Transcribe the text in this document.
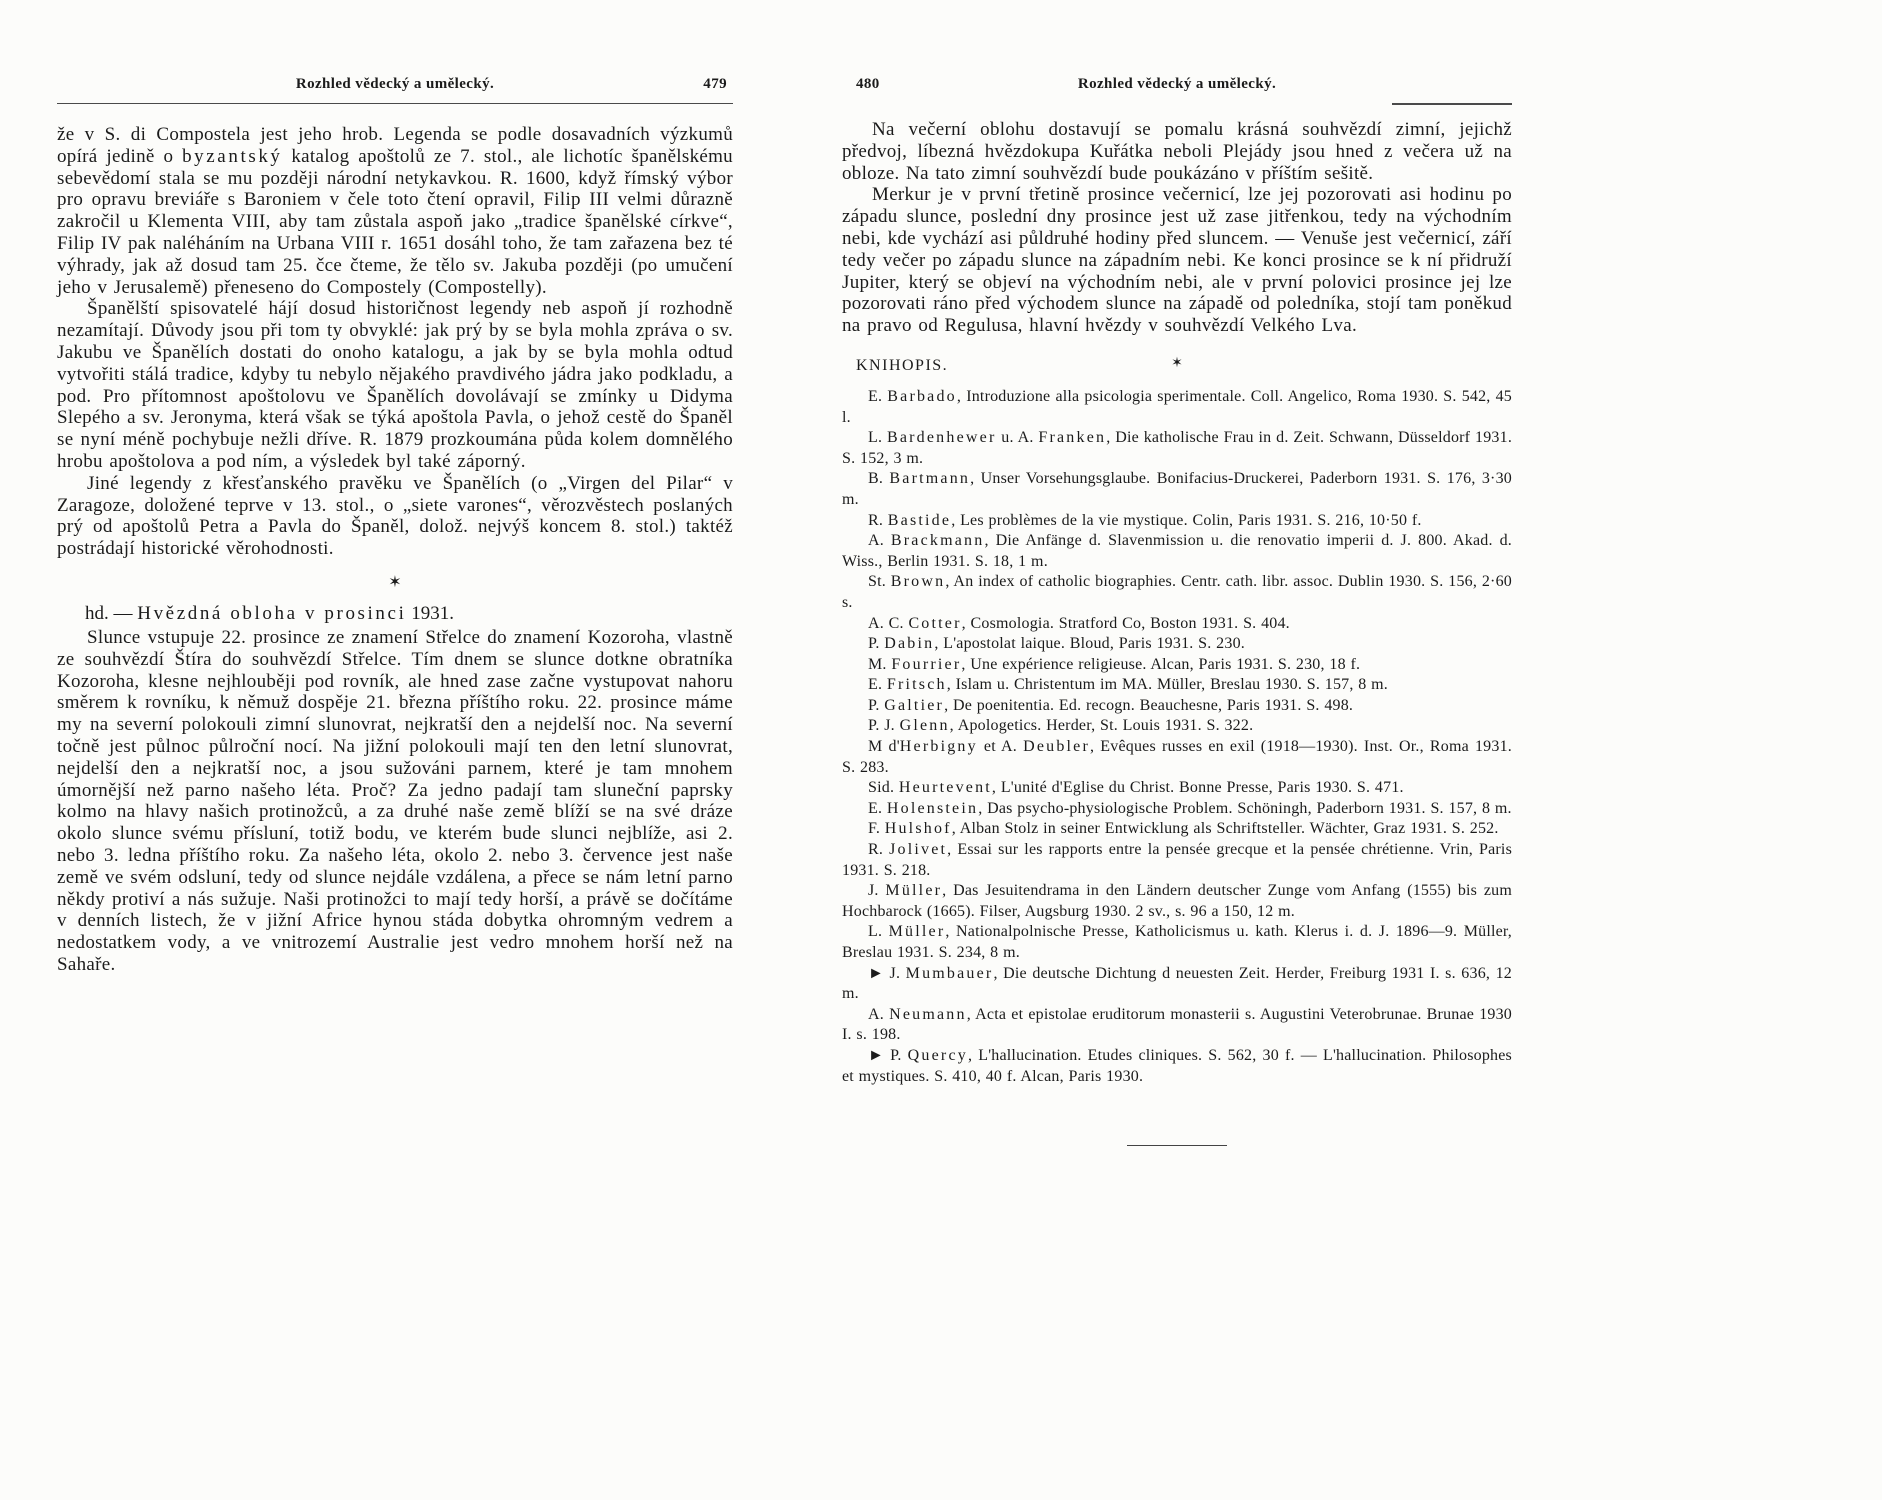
Rozhled vědecký a umělecký.	479

že v S. di Compostela jest jeho hrob. Legenda se podle dosavadních výzkumů opírá jedině o byzantský katalog apoštolů ze 7. stol., ale lichotíc španělskému sebevědomí stala se mu později národní netykavkou. R. 1600, když římský výbor pro opravu breviáře s Baroniem v čele toto čtení opravil, Filip III velmi důrazně zakročil u Klementa VIII, aby tam zůstala aspoň jako „tradice španělské církve“, Filip IV pak naléháním na Urbana VIII r. 1651 dosáhl toho, že tam zařazena bez té výhrady, jak až dosud tam 25. čce čteme, že tělo sv. Jakuba později (po umučení jeho v Jerusalemě) přeneseno do Compostely (Compostelly).

Španělští spisovatelé hájí dosud historičnost legendy neb aspoň jí rozhodně nezamítají. Důvody jsou při tom ty obvyklé: jak prý by se byla mohla zpráva o sv. Jakubu ve Španělích dostati do onoho katalogu, a jak by se byla mohla odtud vytvořiti stálá tradice, kdyby tu nebylo nějakého pravdivého jádra jako podkladu, a pod. Pro přítomnost apoštolovu ve Španělích dovolávají se zmínky u Didyma Slepého a sv. Jeronyma, která však se týká apoštola Pavla, o jehož cestě do Španěl se nyní méně pochybuje nežli dříve. R. 1879 prozkoumána půda kolem domnělého hrobu apoštolova a pod ním, a výsledek byl také záporný.

Jiné legendy z křesťanského pravěku ve Španělích (o „Virgen del Pilar“ v Zaragoze, doložené teprve v 13. stol., o „siete varones“, věrozvěstech poslaných prý od apoštolů Petra a Pavla do Španěl, dolož. nejvýš koncem 8. stol.) taktéž postrádají historické věrohodnosti.

✶

hd. — Hvězdná obloha v prosinci 1931.

Slunce vstupuje 22. prosince ze znamení Střelce do znamení Kozoroha, vlastně ze souhvězdí Štíra do souhvězdí Střelce. Tím dnem se slunce dotkne obratníka Kozoroha, klesne nejhlouběji pod rovník, ale hned zase začne vystupovat nahoru směrem k rovníku, k němuž dospěje 21. března příštího roku. 22. prosince máme my na severní polokouli zimní slunovrat, nejkratší den a nejdelší noc. Na severní točně jest půlnoc půlroční nocí. Na jižní polokouli mají ten den letní slunovrat, nejdelší den a nejkratší noc, a jsou sužováni parnem, které je tam mnohem úmornější než parno našeho léta. Proč? Za jedno padají tam sluneční paprsky kolmo na hlavy našich protinožců, a za druhé naše země blíží se na své dráze okolo slunce svému přísluní, totiž bodu, ve kterém bude slunci nejblíže, asi 2. nebo 3. ledna příštího roku. Za našeho léta, okolo 2. nebo 3. července jest naše země ve svém odsluní, tedy od slunce nejdále vzdálena, a přece se nám letní parno někdy protiví a nás sužuje. Naši protinožci to mají tedy horší, a právě se dočítáme v denních listech, že v jižní Africe hynou stáda dobytka ohromným vedrem a nedostatkem vody, a ve vnitrozemí Australie jest vedro mnohem horší než na Sahaře.

480	Rozhled vědecký a umělecký.

Na večerní oblohu dostavují se pomalu krásná souhvězdí zimní, jejichž předvoj, líbezná hvězdokupa Kuřátka neboli Plejády jsou hned z večera už na obloze. Na tato zimní souhvězdí bude poukázáno v příštím sešitě.

Merkur je v první třetině prosince večernicí, lze jej pozorovati asi hodinu po západu slunce, poslední dny prosince jest už zase jitřenkou, tedy na východním nebi, kde vychází asi půldruhé hodiny před sluncem. — Venuše jest večernicí, září tedy večer po západu slunce na západním nebi. Ke konci prosince se k ní přidruží Jupiter, který se objeví na východním nebi, ale v první polovici prosince jej lze pozorovati ráno před východem slunce na západě od poledníka, stojí tam poněkud na pravo od Regulusa, hlavní hvězdy v souhvězdí Velkého Lva.

KNIHOPIS.	✶

E. Barbado, Introduzione alla psicologia sperimentale. Coll. Angelico, Roma 1930. S. 542, 45 l.

L. Bardenhewer u. A. Franken, Die katholische Frau in d. Zeit. Schwann, Düsseldorf 1931. S. 152, 3 m.

B. Bartmann, Unser Vorsehungsglaube. Bonifacius-Druckerei, Paderborn 1931. S. 176, 3·30 m.

R. Bastide, Les problèmes de la vie mystique. Colin, Paris 1931. S. 216, 10·50 f.

A. Brackmann, Die Anfänge d. Slavenmission u. die renovatio imperii d. J. 800. Akad. d. Wiss., Berlin 1931. S. 18, 1 m.

St. Brown, An index of catholic biographies. Centr. cath. libr. assoc. Dublin 1930. S. 156, 2·60 s.

A. C. Cotter, Cosmologia. Stratford Co, Boston 1931. S. 404.

P. Dabin, L'apostolat laique. Bloud, Paris 1931. S. 230.

M. Fourrier, Une expérience religieuse. Alcan, Paris 1931. S. 230, 18 f.

E. Fritsch, Islam u. Christentum im MA. Müller, Breslau 1930. S. 157, 8 m.

P. Galtier, De poenitentia. Ed. recogn. Beauchesne, Paris 1931. S. 498.

P. J. Glenn, Apologetics. Herder, St. Louis 1931. S. 322.

M d'Herbigny et A. Deubler, Evêques russes en exil (1918—1930). Inst. Or., Roma 1931. S. 283.

Sid. Heurtevent, L'unité d'Eglise du Christ. Bonne Presse, Paris 1930. S. 471.

E. Holenstein, Das psycho-physiologische Problem. Schöningh, Paderborn 1931. S. 157, 8 m.

F. Hulshof, Alban Stolz in seiner Entwicklung als Schriftsteller. Wächter, Graz 1931. S. 252.

R. Jolivet, Essai sur les rapports entre la pensée grecque et la pensée chrétienne. Vrin, Paris 1931. S. 218.

J. Müller, Das Jesuitendrama in den Ländern deutscher Zunge vom Anfang (1555) bis zum Hochbarock (1665). Filser, Augsburg 1930. 2 sv., s. 96 a 150, 12 m.

L. Müller, Nationalpolnische Presse, Katholicismus u. kath. Klerus i. d. J. 1896—9. Müller, Breslau 1931. S. 234, 8 m.

► J. Mumbauer, Die deutsche Dichtung d neuesten Zeit. Herder, Freiburg 1931 I. s. 636, 12 m.

A. Neumann, Acta et epistolae eruditorum monasterii s. Augustini Veterobrunae. Brunae 1930 I. s. 198.

► P. Quercy, L'hallucination. Etudes cliniques. S. 562, 30 f. — L'hallucination. Philosophes et mystiques. S. 410, 40 f. Alcan, Paris 1930.
